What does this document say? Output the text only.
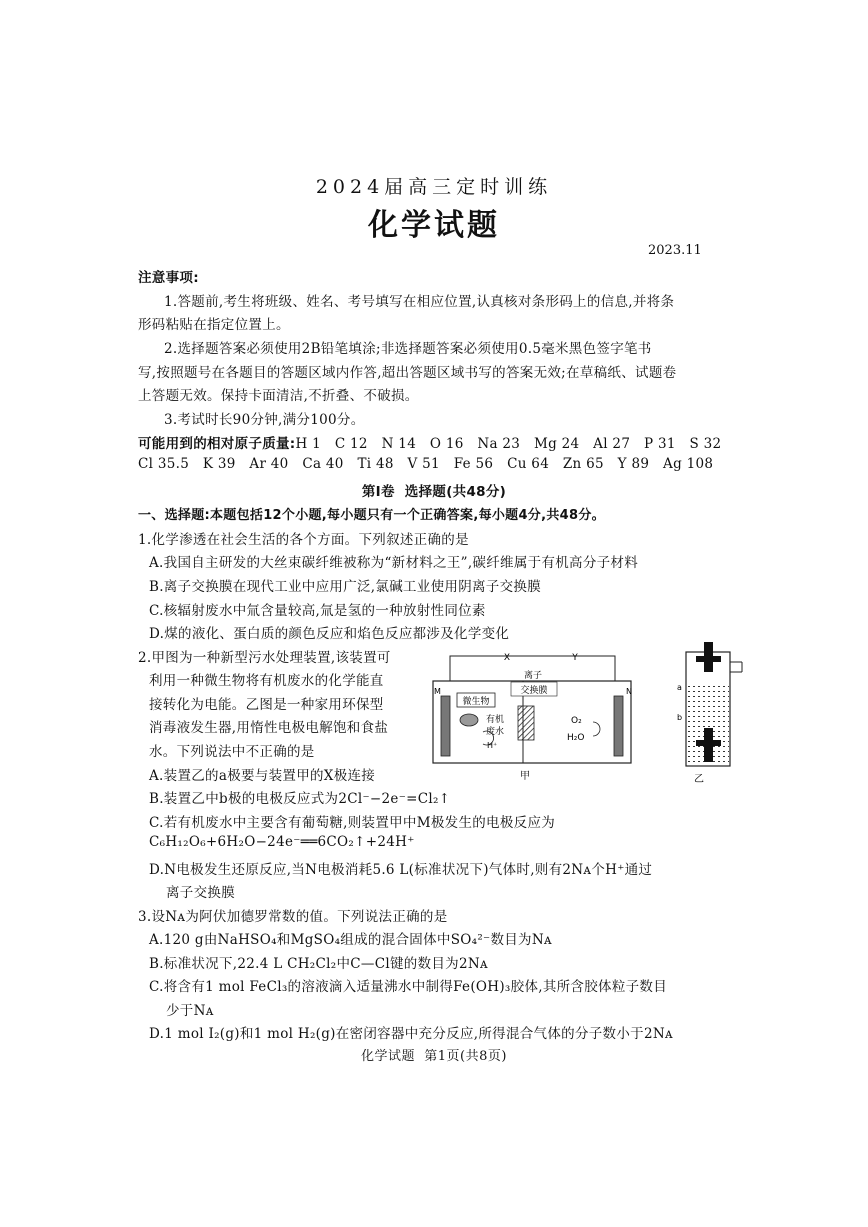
2024届高三定时训练
化学试题
2023.11
注意事项:
1.答题前,考生将班级、姓名、考号填写在相应位置,认真核对条形码上的信息,并将条
形码粘贴在指定位置上。
2.选择题答案必须使用2B铅笔填涂;非选择题答案必须使用0.5毫米黑色签字笔书
写,按照题号在各题目的答题区域内作答,超出答题区域书写的答案无效;在草稿纸、试题卷
上答题无效。保持卡面清洁,不折叠、不破损。
3.考试时长90分钟,满分100分。
可能用到的相对原子质量:H 1   C 12   N 14   O 16   Na 23   Mg 24   Al 27   P 31   S 32
Cl 35.5   K 39   Ar 40   Ca 40   Ti 48   V 51   Fe 56   Cu 64   Zn 65   Y 89   Ag 108
第Ⅰ卷  选择题(共48分)
一、选择题:本题包括12个小题,每小题只有一个正确答案,每小题4分,共48分。
1.化学渗透在社会生活的各个方面。下列叙述正确的是
A.我国自主研发的大丝束碳纤维被称为“新材料之王”,碳纤维属于有机高分子材料
B.离子交换膜在现代工业中应用广泛,氯碱工业使用阴离子交换膜
C.核辐射废水中氚含量较高,氚是氢的一种放射性同位素
D.煤的液化、蛋白质的颜色反应和焰色反应都涉及化学变化
2.甲图为一种新型污水处理装置,该装置可
利用一种微生物将有机废水的化学能直
接转化为电能。乙图是一种家用环保型
消毒液发生器,用惰性电极电解饱和食盐
水。下列说法中不正确的是
A.装置乙的a极要与装置甲的X极连接
B.装置乙中b极的电极反应式为2Cl⁻−2e⁻=Cl₂↑
C.若有机废水中主要含有葡萄糖,则装置甲中M极发生的电极反应为
C₆H₁₂O₆+6H₂O−24e⁻══6CO₂↑+24H⁺
D.N电极发生还原反应,当N电极消耗5.6 L(标准状况下)气体时,则有2Nᴀ个H⁺通过
离子交换膜
X	Y
M	N
微生物
有机
废水
H⁺
离子
交换膜
O₂
H₂O
甲
a
b
乙
3.设Nᴀ为阿伏加德罗常数的值。下列说法正确的是
A.120 g由NaHSO₄和MgSO₄组成的混合固体中SO₄²⁻数目为Nᴀ
B.标准状况下,22.4 L CH₂Cl₂中C—Cl键的数目为2Nᴀ
C.将含有1 mol FeCl₃的溶液滴入适量沸水中制得Fe(OH)₃胶体,其所含胶体粒子数目
少于Nᴀ
D.1 mol I₂(g)和1 mol H₂(g)在密闭容器中充分反应,所得混合气体的分子数小于2Nᴀ
化学试题  第1页(共8页)
